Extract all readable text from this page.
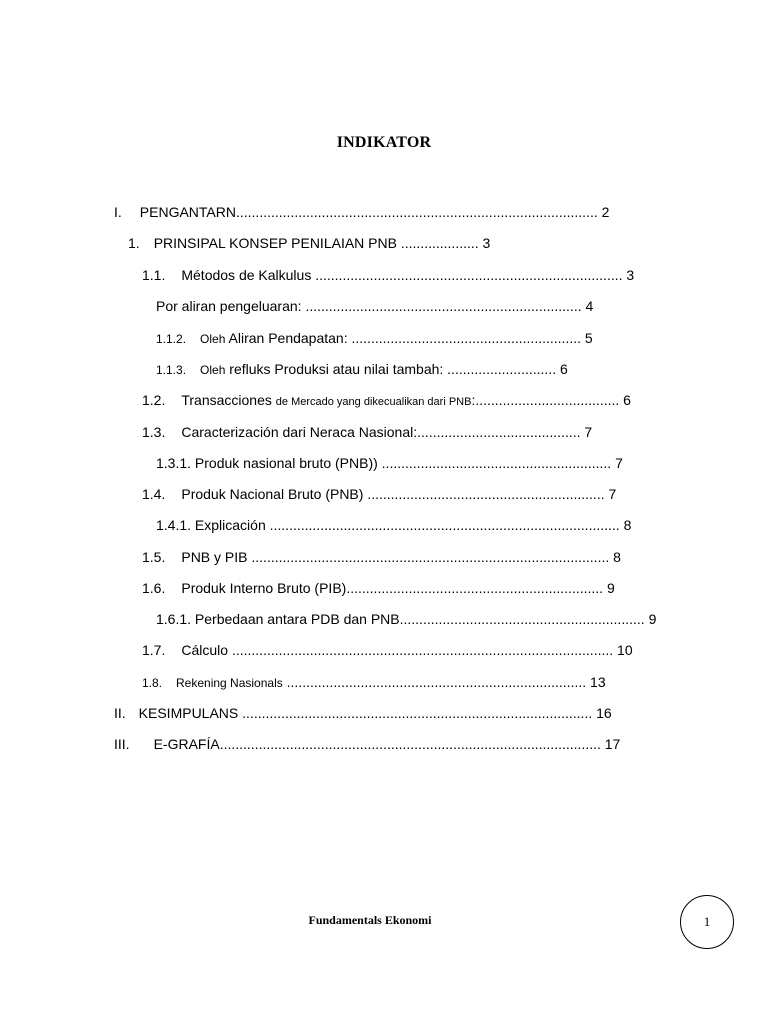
INDIKATOR
I. PENGANTARN............................................................................................. 2
1. PRINSIPAL KONSEP PENILAIAN PNB .................... 3
1.1. Métodos de Kalkulus ............................................................................... 3
Por aliran pengeluaran: ....................................................................... 4
1.1.2. Oleh Aliran Pendapatan: ........................................................... 5
1.1.3. Oleh refluks Produksi atau nilai tambah: ............................ 6
1.2. Transacciones de Mercado yang dikecualikan dari PNB:..................................... 6
1.3. Caracterización dari Neraca Nasional:.......................................... 7
1.3.1. Produk nasional bruto (PNB)) ........................................................... 7
1.4. Produk Nacional Bruto (PNB) ............................................................. 7
1.4.1. Explicación .......................................................................................... 8
1.5. PNB y PIB ............................................................................................ 8
1.6. Produk Interno Bruto (PIB).................................................................. 9
1.6.1. Perbedaan antara PDB dan PNB............................................................... 9
1.7. Cálculo .................................................................................................. 10
1.8. Rekening Nasionals ............................................................................. 13
II. KESIMPULANS .......................................................................................... 16
III. E-GRAFÍA.................................................................................................. 17
Fundamentals Ekonomi	1
